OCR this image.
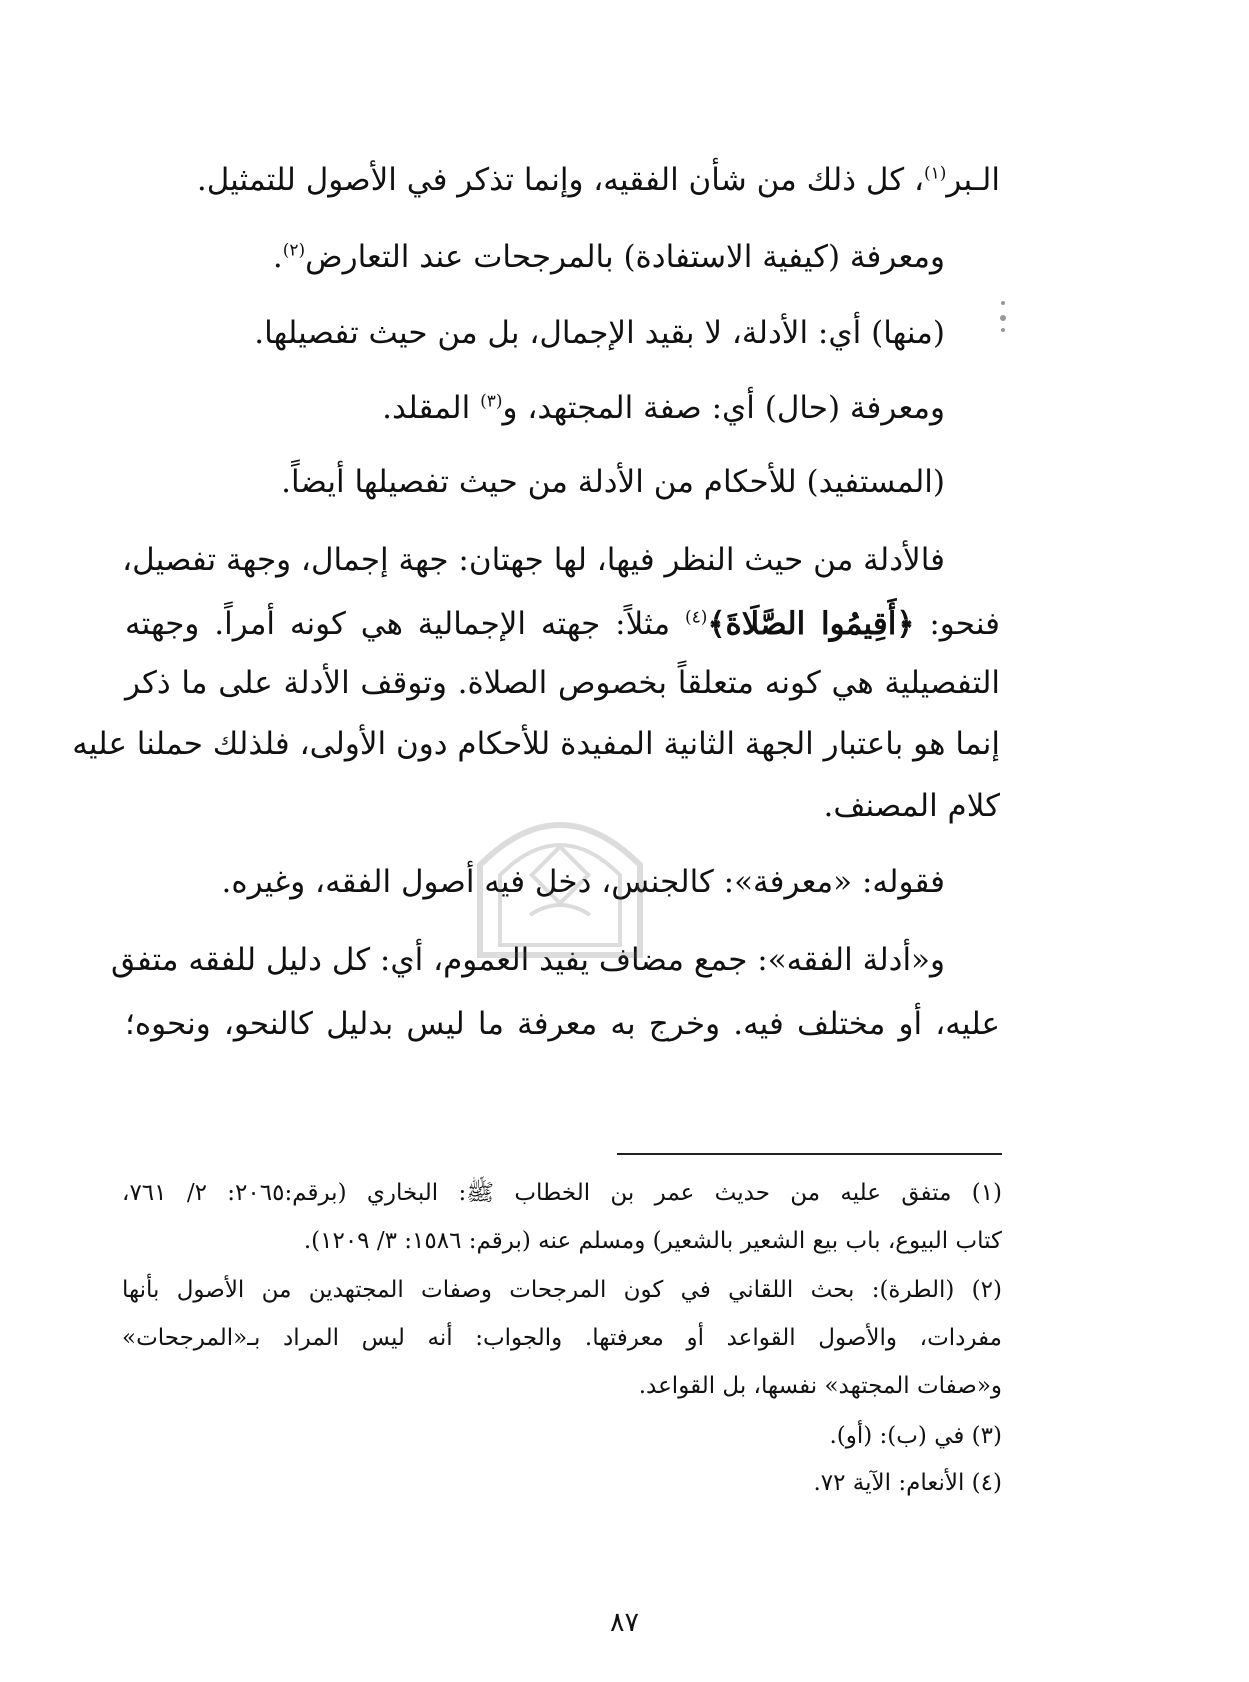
الـبر$^{(١)}$، كل ذلك من شأن الفقيه، وإنما تذكر في الأصول للتمثيل.
ومعرفة (كيفية الاستفادة) بالمرجحات عند التعارض$^{(٢)}$.
(منها) أي: الأدلة، لا بقيد الإجمال، بل من حيث تفصيلها.
ومعرفة (حال) أي: صفة المجتهد، و$^{(٣)}$ المقلد.
(المستفيد) للأحكام من الأدلة من حيث تفصيلها أيضاً.
فالأدلة من حيث النظر فيها، لها جهتان: جهة إجمال، وجهة تفصيل،
فنحو: ﴿أَقِيمُوا الصَّلَاةَ﴾$^{(٤)}$ مثلاً: جهته الإجمالية هي كونه أمراً. وجهته
التفصيلية هي كونه متعلقاً بخصوص الصلاة. وتوقف الأدلة على ما ذكر
إنما هو باعتبار الجهة الثانية المفيدة للأحكام دون الأولى، فلذلك حملنا عليه
كلام المصنف.
فقوله: «معرفة»: كالجنس، دخل فيه أصول الفقه، وغيره.
و«أدلة الفقه»: جمع مضاف يفيد العموم، أي: كل دليل للفقه متفق
عليه، أو مختلف فيه. وخرج به معرفة ما ليس بدليل كالنحو، ونحوه؛
(١) متفق عليه من حديث عمر بن الخطاب ﷺ: البخاري (برقم:٢٠٦٥: ٢/ ٧٦١،
كتاب البيوع، باب بيع الشعير بالشعير) ومسلم عنه (برقم: ١٥٨٦: ٣/ ١٢٠٩).
(٢) (الطرة): بحث اللقاني في كون المرجحات وصفات المجتهدين من الأصول بأنها
مفردات، والأصول القواعد أو معرفتها. والجواب: أنه ليس المراد بـ«المرجحات»
و«صفات المجتهد» نفسها، بل القواعد.
(٣) في (ب): (أو).
(٤) الأنعام: الآية ٧٢.
٨٧
